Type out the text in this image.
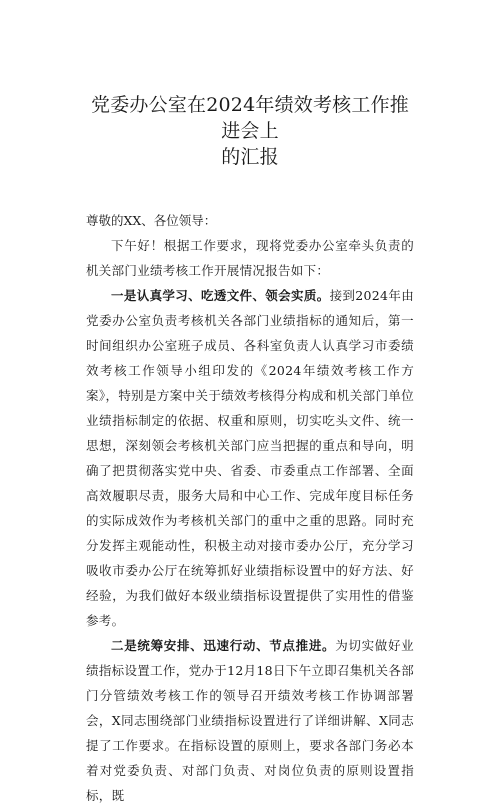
党委办公室在2024年绩效考核工作推进会上
的汇报

尊敬的XX、各位领导：

下午好！根据工作要求，现将党委办公室牵头负责的机关部门业绩考核工作开展情况报告如下：

一是认真学习、吃透文件、领会实质。接到2024年由党委办公室负责考核机关各部门业绩指标的通知后，第一时间组织办公室班子成员、各科室负责人认真学习市委绩效考核工作领导小组印发的《2024年绩效考核工作方案》，特别是方案中关于绩效考核得分构成和机关部门单位业绩指标制定的依据、权重和原则，切实吃头文件、统一思想，深刻领会考核机关部门应当把握的重点和导向，明确了把贯彻落实党中央、省委、市委重点工作部署、全面高效履职尽责，服务大局和中心工作、完成年度目标任务的实际成效作为考核机关部门的重中之重的思路。同时充分发挥主观能动性，积极主动对接市委办公厅，充分学习吸收市委办公厅在统筹抓好业绩指标设置中的好方法、好经验，为我们做好本级业绩指标设置提供了实用性的借鉴参考。

二是统筹安排、迅速行动、节点推进。为切实做好业绩指标设置工作，党办于12月18日下午立即召集机关各部门分管绩效考核工作的领导召开绩效考核工作协调部署会，X同志围绕部门业绩指标设置进行了详细讲解、X同志提了工作要求。在指标设置的原则上，要求各部门务必本着对党委负责、对部门负责、对岗位负责的原则设置指标，既
